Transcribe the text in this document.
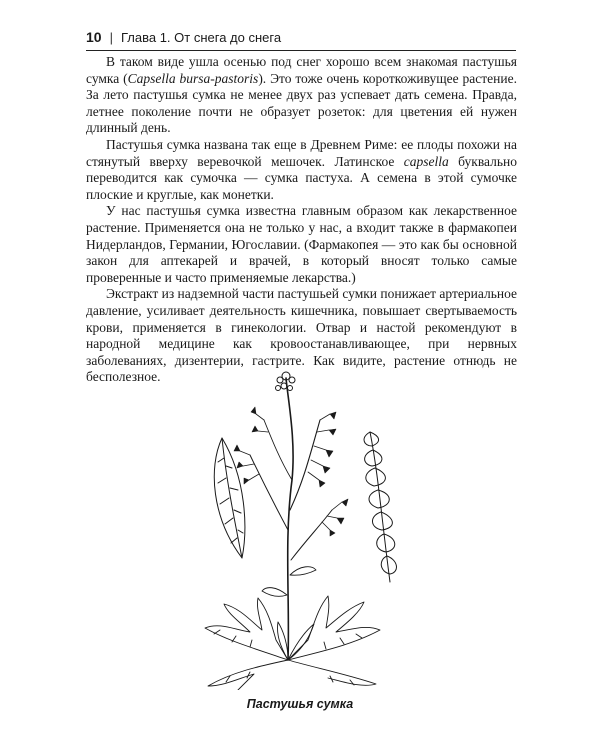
10 | Глава 1. От снега до снега

В таком виде ушла осенью под снег хорошо всем знакомая пастушья сумка (Capsella bursa-pastoris). Это тоже очень короткоживущее растение. За лето пастушья сумка не менее двух раз успевает дать семена. Правда, летнее поколение почти не образует розеток: для цветения ей нужен длинный день.

Пастушья сумка названа так еще в Древнем Риме: ее плоды похожи на стянутый вверху веревочкой мешочек. Латинское capsella буквально переводится как сумочка — сумка пастуха. А семена в этой сумочке плоские и круглые, как монетки.

У нас пастушья сумка известна главным образом как лекарственное растение. Применяется она не только у нас, а входит также в фармакопеи Нидерландов, Германии, Югославии. (Фармакопея — это как бы основной закон для аптекарей и врачей, в который вносят только самые проверенные и часто применяемые лекарства.)

Экстракт из надземной части пастушьей сумки понижает артериальное давление, усиливает деятельность кишечника, повышает свертываемость крови, применяется в гинекологии. Отвар и настой рекомендуют в народной медицине как кровоостанавливающее, при нервных заболеваниях, дизентерии, гастрите. Как видите, растение отнюдь не бесполезное.

Пастушья сумка
